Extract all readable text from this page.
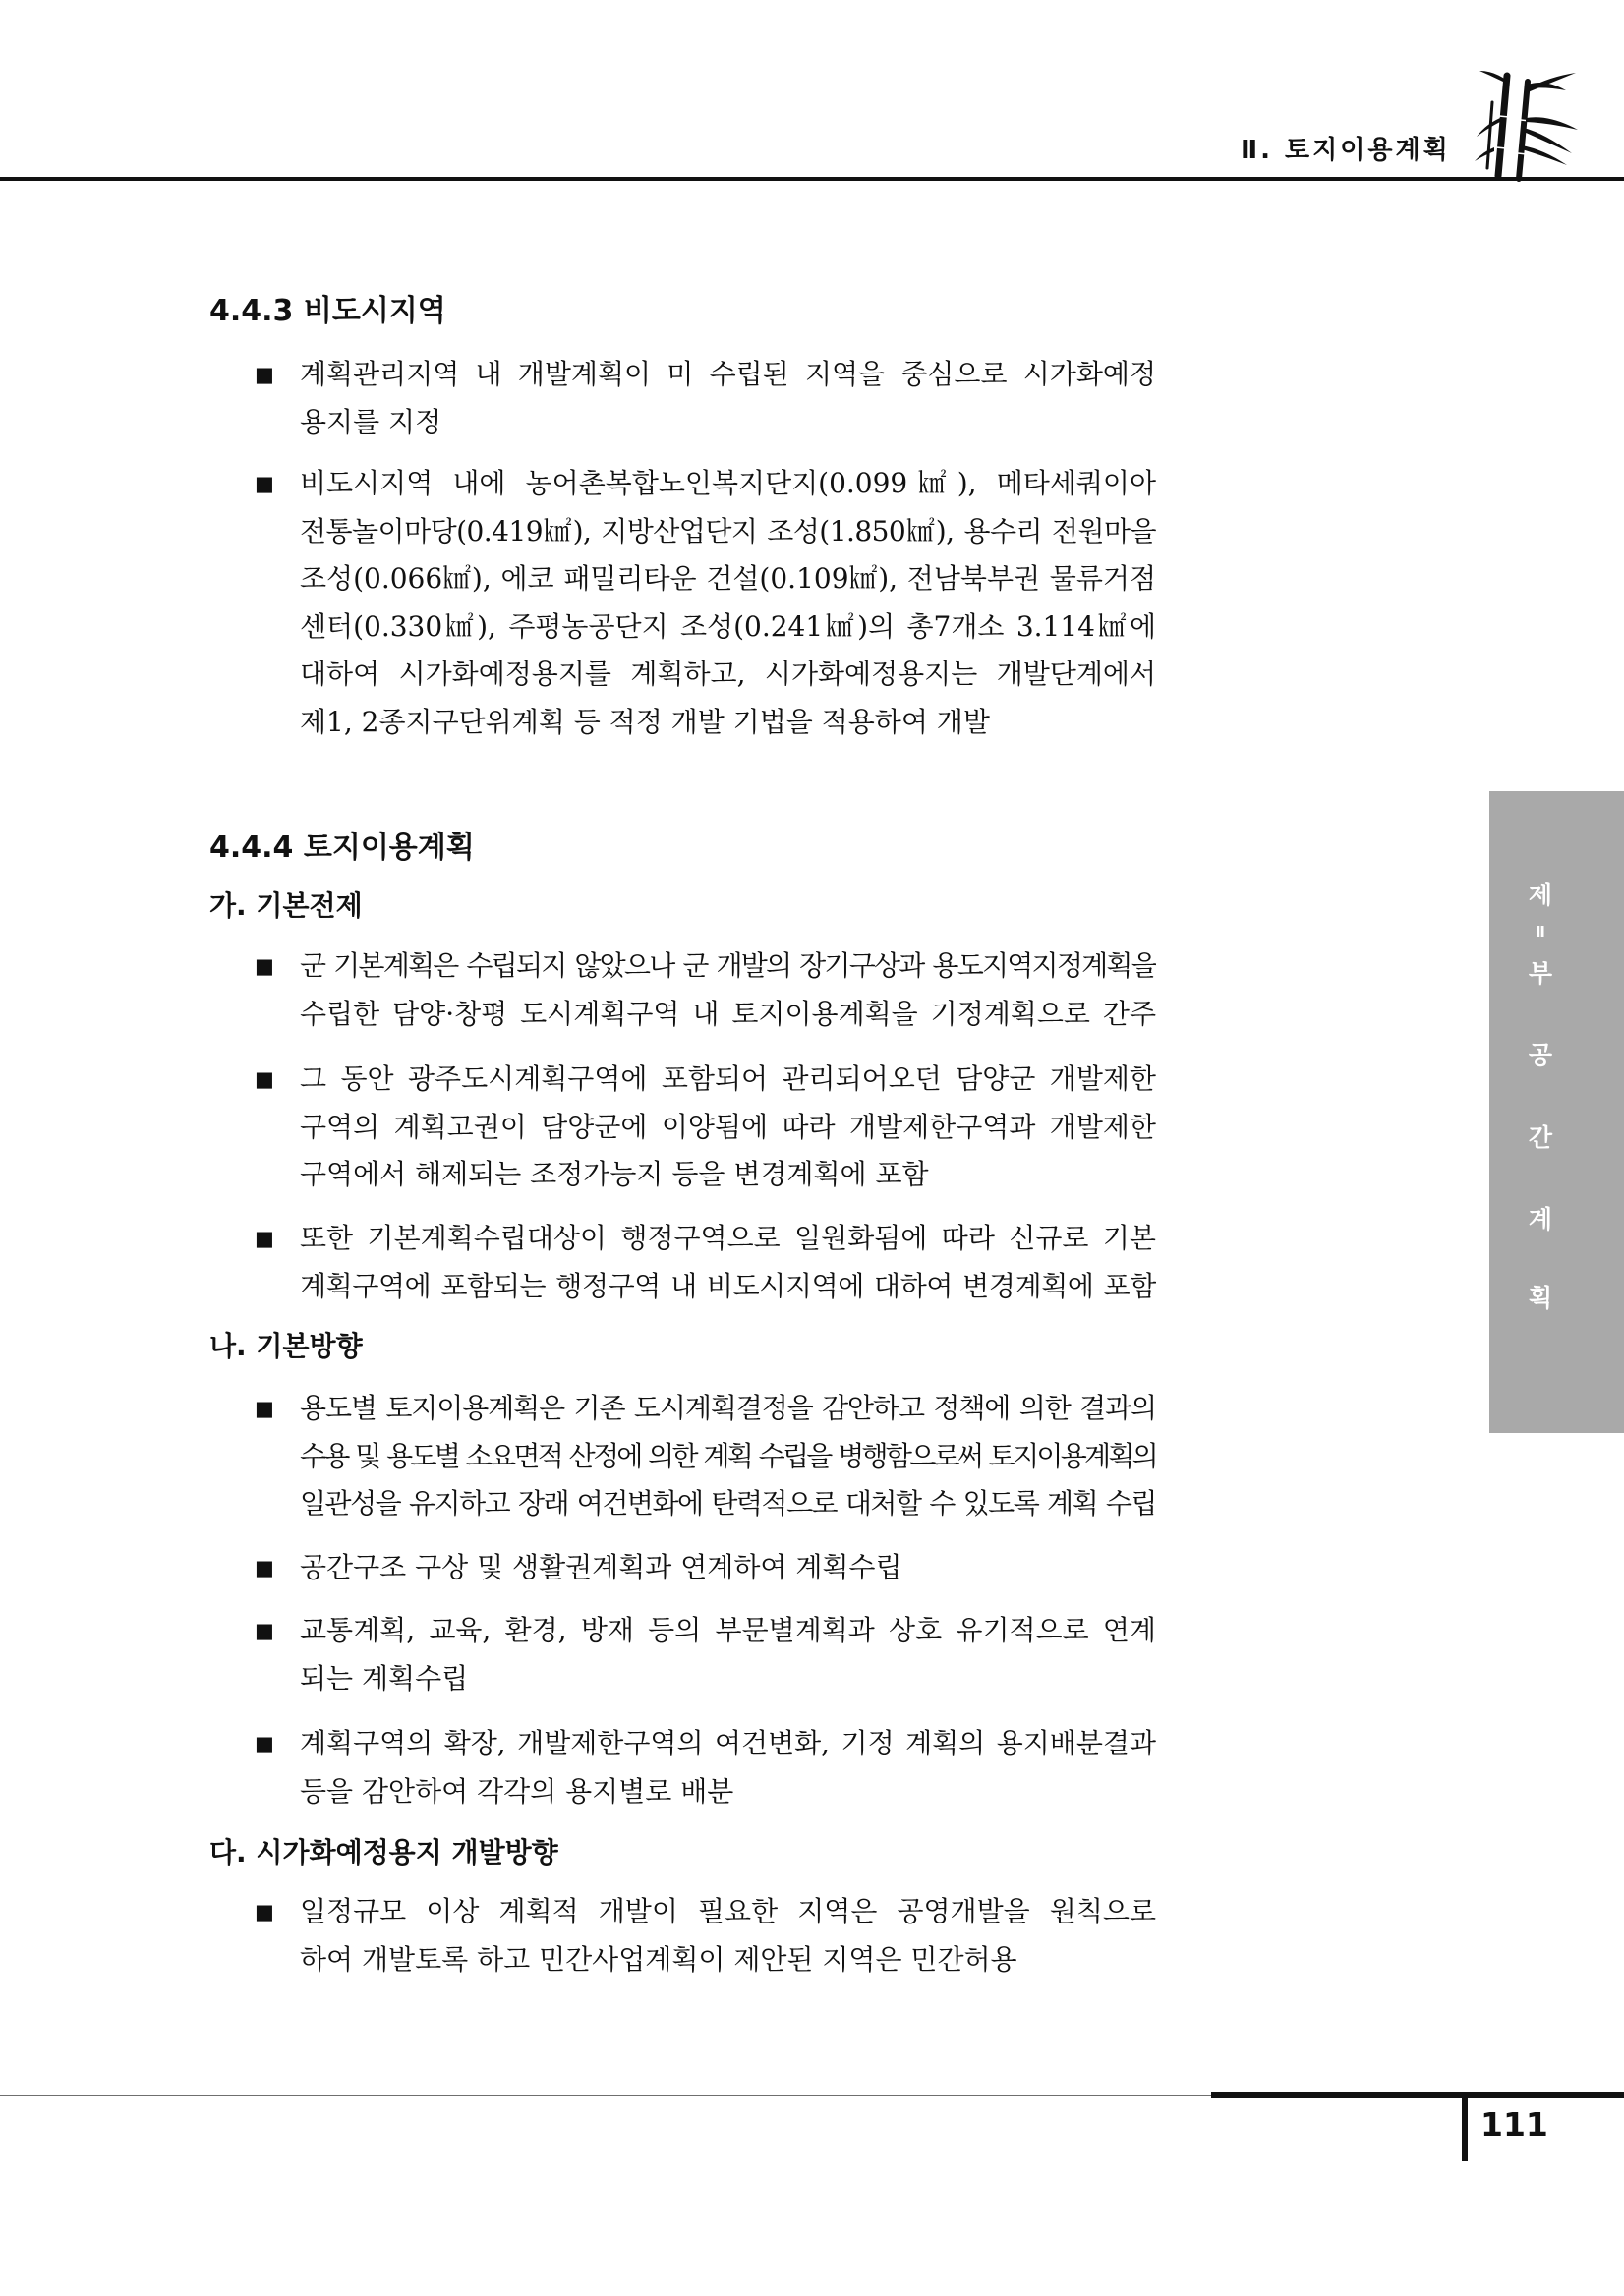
Ⅱ. 토지이용계획
4.4.3 비도시지역
■ 계획관리지역 내 개발계획이 미 수립된 지역을 중심으로 시가화예정
용지를 지정
■ 비도시지역 내에 농어촌복합노인복지단지(0.099㎢), 메타세쿼이아
전통놀이마당(0.419㎢), 지방산업단지 조성(1.850㎢), 용수리 전원마을
조성(0.066㎢), 에코 패밀리타운 건설(0.109㎢), 전남북부권 물류거점
센터(0.330㎢), 주평농공단지 조성(0.241㎢)의 총7개소 3.114㎢에
대하여 시가화예정용지를 계획하고, 시가화예정용지는 개발단계에서
제1, 2종지구단위계획 등 적정 개발 기법을 적용하여 개발
4.4.4 토지이용계획
가. 기본전제
■ 군 기본계획은 수립되지 않았으나 군 개발의 장기구상과 용도지역지정계획을
수립한 담양·창평 도시계획구역 내 토지이용계획을 기정계획으로 간주
■ 그 동안 광주도시계획구역에 포함되어 관리되어오던 담양군 개발제한
구역의 계획고권이 담양군에 이양됨에 따라 개발제한구역과 개발제한
구역에서 해제되는 조정가능지 등을 변경계획에 포함
■ 또한 기본계획수립대상이 행정구역으로 일원화됨에 따라 신규로 기본
계획구역에 포함되는 행정구역 내 비도시지역에 대하여 변경계획에 포함
나. 기본방향
■ 용도별 토지이용계획은 기존 도시계획결정을 감안하고 정책에 의한 결과의
수용 및 용도별 소요면적 산정에 의한 계획 수립을 병행함으로써 토지이용계획의
일관성을 유지하고 장래 여건변화에 탄력적으로 대처할 수 있도록 계획 수립
■ 공간구조 구상 및 생활권계획과 연계하여 계획수립
■ 교통계획, 교육, 환경, 방재 등의 부문별계획과 상호 유기적으로 연계
되는 계획수립
■ 계획구역의 확장, 개발제한구역의 여건변화, 기정 계획의 용지배분결과
등을 감안하여 각각의 용지별로 배분
다. 시가화예정용지 개발방향
■ 일정규모 이상 계획적 개발이 필요한 지역은 공영개발을 원칙으로
하여 개발토록 하고 민간사업계획이 제안된 지역은 민간허용
제
Ⅱ
부
공
간
계
획
111
